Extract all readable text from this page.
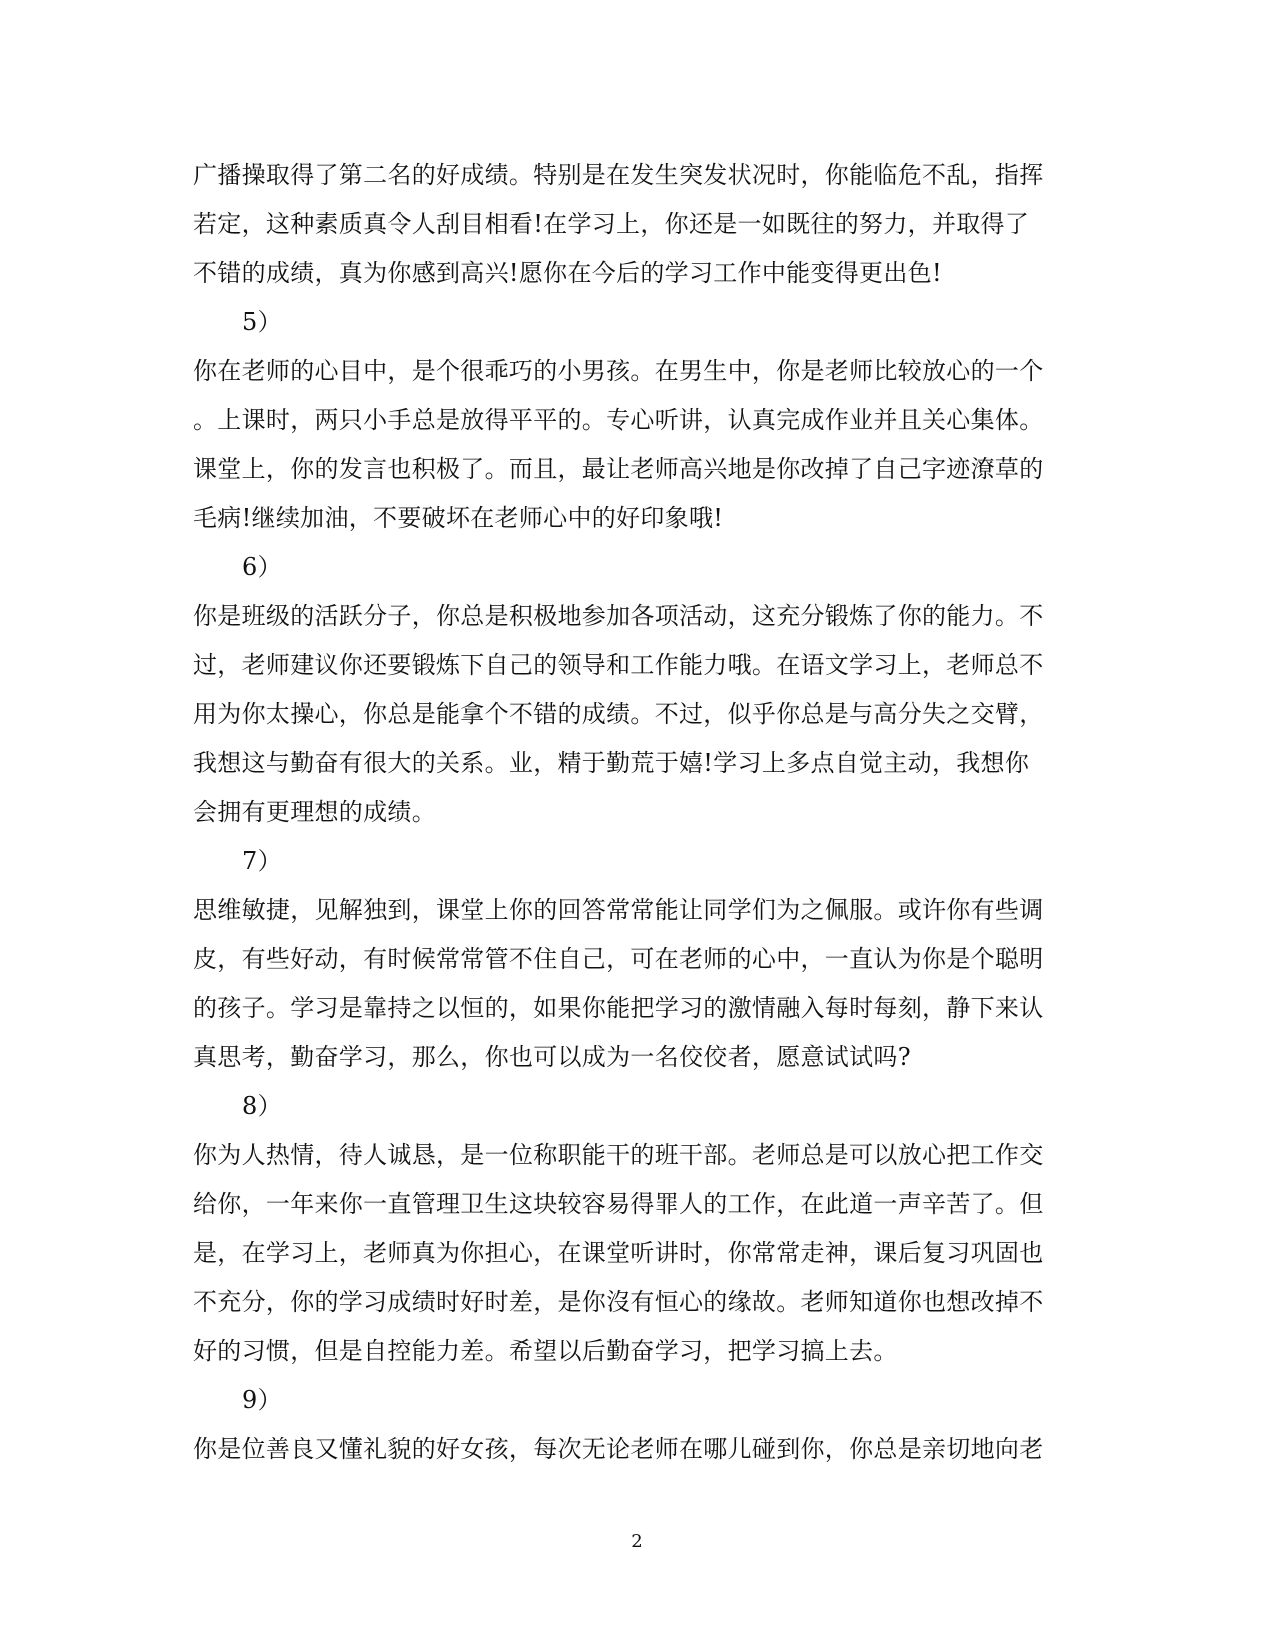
广播操取得了第二名的好成绩。特别是在发生突发状况时，你能临危不乱，指挥
若定，这种素质真令人刮目相看!在学习上，你还是一如既往的努力，并取得了
不错的成绩，真为你感到高兴!愿你在今后的学习工作中能变得更出色!
5）
你在老师的心目中，是个很乖巧的小男孩。在男生中，你是老师比较放心的一个
。上课时，两只小手总是放得平平的。专心听讲，认真完成作业并且关心集体。
课堂上，你的发言也积极了。而且，最让老师高兴地是你改掉了自己字迹潦草的
毛病!继续加油，不要破坏在老师心中的好印象哦!
6）
你是班级的活跃分子，你总是积极地参加各项活动，这充分锻炼了你的能力。不
过，老师建议你还要锻炼下自己的领导和工作能力哦。在语文学习上，老师总不
用为你太操心，你总是能拿个不错的成绩。不过，似乎你总是与高分失之交臂，
我想这与勤奋有很大的关系。业，精于勤荒于嬉!学习上多点自觉主动，我想你
会拥有更理想的成绩。
7）
思维敏捷，见解独到，课堂上你的回答常常能让同学们为之佩服。或许你有些调
皮，有些好动，有时候常常管不住自己，可在老师的心中，一直认为你是个聪明
的孩子。学习是靠持之以恒的，如果你能把学习的激情融入每时每刻，静下来认
真思考，勤奋学习，那么，你也可以成为一名佼佼者，愿意试试吗?
8）
你为人热情，待人诚恳，是一位称职能干的班干部。老师总是可以放心把工作交
给你，一年来你一直管理卫生这块较容易得罪人的工作，在此道一声辛苦了。但
是，在学习上，老师真为你担心，在课堂听讲时，你常常走神，课后复习巩固也
不充分，你的学习成绩时好时差，是你沒有恒心的缘故。老师知道你也想改掉不
好的习惯，但是自控能力差。希望以后勤奋学习，把学习搞上去。
9）
你是位善良又懂礼貌的好女孩，每次无论老师在哪儿碰到你，你总是亲切地向老
2
